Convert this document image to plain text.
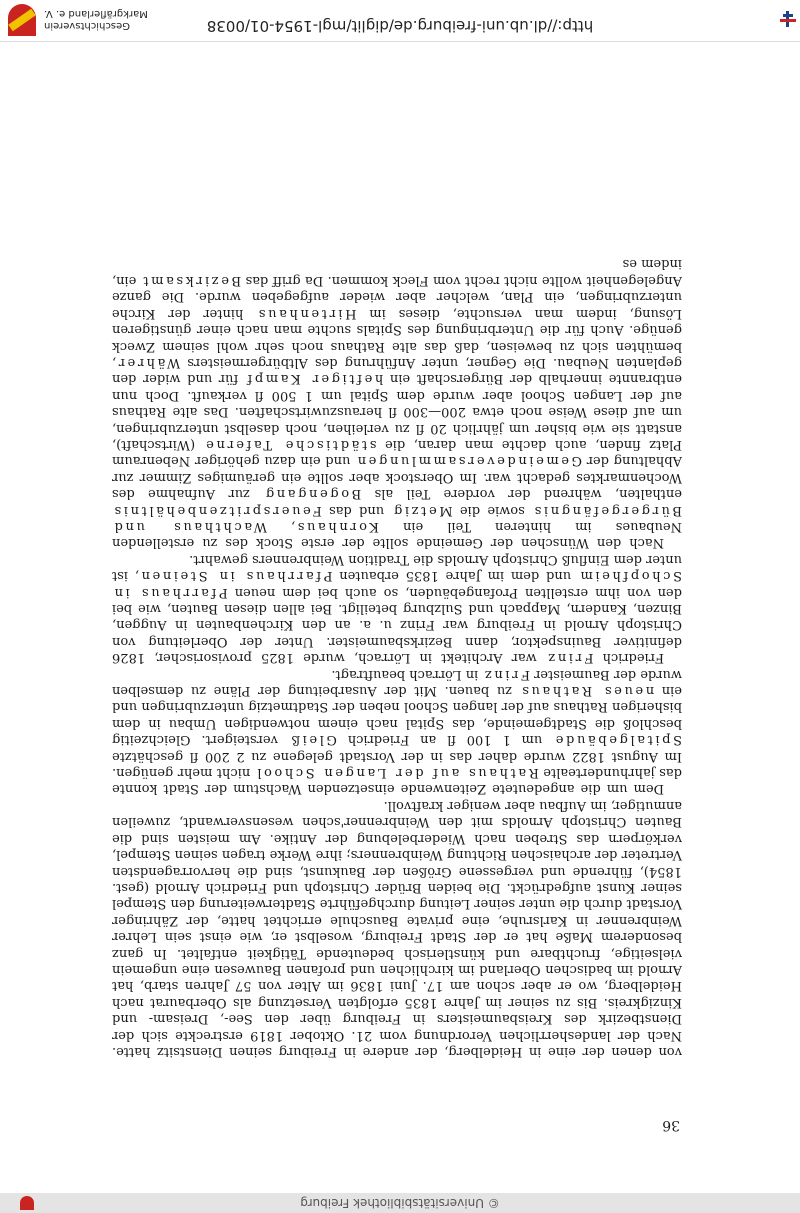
© Universitätsbibliothek Freiburg
36

von denen der eine in Heidelberg, der andere in Freiburg seinen Dienstsitz hatte. Nach der landesherrlichen Verordnung vom 21. Oktober 1819 erstreckte sich der Dienstbezirk des Kreisbaumeisters in Freiburg über den See-, Dreisam- und Kinzigkreis. Bis zu seiner im Jahre 1835 erfolgten Versetzung als Oberbaurat nach Heidelberg, wo er aber schon am 17. Juni 1836 im Alter von 57 Jahren starb, hat Arnold im badischen Oberland im kirchlichen und profanen Bauwesen eine ungemein vielseitige, fruchtbare und künstlerisch bedeutende Tätigkeit entfaltet. In ganz besonderem Maße hat er der Stadt Freiburg, woselbst er, wie einst sein Lehrer Weinbrenner in Karlsruhe, eine private Bauschule errichtet hatte, der Zähringer Vorstadt durch die unter seiner Leitung durchgeführte Stadterweiterung den Stempel seiner Kunst aufgedrückt. Die beiden Brüder Christoph und Friedrich Arnold (gest. 1854), führende und vergessene Größen der Baukunst, sind die hervorragendsten Vertreter der archaischen Richtung Weinbrenners; ihre Werke tragen seinen Stempel, verkörpern das Streben nach Wiederbelebung der Antike. Am meisten sind die Bauten Christoph Arnolds mit den Weinbrenner'schen wesensverwandt, zuweilen anmutiger, im Aufbau aber weniger kraftvoll.

Dem um die angedeutete Zeitenwende einsetzenden Wachstum der Stadt konnte das jahrhundertealte Rathaus auf der Langen School nicht mehr genügen. Im August 1822 wurde daher das in der Vorstadt gelegene zu 2 200 fl geschätzte Spitalgebäude um 1 100 fl an Friedrich Gleiß versteigert. Gleichzeitig beschloß die Stadtgemeinde, das Spital nach einem notwendigen Umbau in dem bisherigen Rathaus auf der langen School neben der Stadtmetzig unterzubringen und ein neues Rathaus zu bauen. Mit der Ausarbeitung der Pläne zu demselben wurde der Baumeister Frinz in Lörrach beauftragt.

Friedrich Frinz war Architekt in Lörrach, wurde 1825 provisorischer, 1826 definitiver Bauinspektor, dann Bezirksbaumeister. Unter der Oberleitung von Christoph Arnold in Freiburg war Frinz u. a. an den Kirchenbauten in Auggen, Binzen, Kandern, Mappach und Sulzburg beteiligt. Bei allen diesen Bauten, wie bei den von ihm erstellten Profangebäuden, so auch bei dem neuen Pfarrhaus in Schopfheim und dem im Jahre 1835 erbauten Pfarrhaus in Steinen, ist unter dem Einfluß Christoph Arnolds die Tradition Weinbrenners gewahrt.

Nach den Wünschen der Gemeinde sollte der erste Stock des zu erstellenden Neubaues im hinteren Teil ein Kornhaus, Wachthaus und Bürgergefängnis sowie die Metzig und das Feuerspritzenbehältnis enthalten, während der vordere Teil als Bogengang zur Aufnahme des Wochenmarktes gedacht war. Im Oberstock aber sollte ein geräumiges Zimmer zur Abhaltung der Gemeindeversammlungen und ein dazu gehöriger Nebenraum Platz finden, auch dachte man daran, die städtische Taferne (Wirtschaft), anstatt sie wie bisher um jährlich 20 fl zu verleihen, noch daselbst unterzubringen, um auf diese Weise noch etwa 200—300 fl herauszuwirtschaften. Das alte Rathaus auf der Langen School aber wurde dem Spital um 1 500 fl verkauft. Doch nun entbrannte innerhalb der Bürgerschaft ein heftiger Kampf für und wider den geplanten Neubau. Die Gegner, unter Anführung des Altbürgermeisters Währer, bemühten sich zu beweisen, daß das alte Rathaus noch sehr wohl seinem Zweck genüge. Auch für die Unterbringung des Spitals suchte man nach einer günstigeren Lösung, indem man versuchte, dieses im Hirtenhaus hinter der Kirche unterzubringen, ein Plan, welcher aber wieder aufgegeben wurde. Die ganze Angelegenheit wollte nicht recht vom Fleck kommen. Da griff das Bezirksamt ein, indem es

http://dl.ub.uni-freiburg.de/diglit/mgl-1954-01/0038
Geschichtsverein
Markgräflerland e. V.
